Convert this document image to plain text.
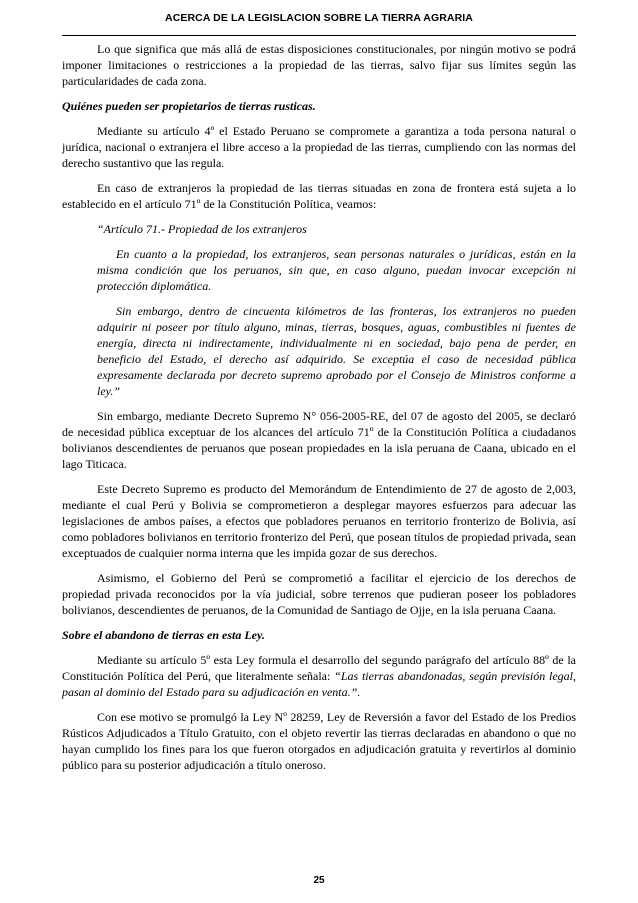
ACERCA DE LA LEGISLACION SOBRE LA TIERRA AGRARIA

Lo que significa que más allá de estas disposiciones constitucionales, por ningún motivo se podrá imponer limitaciones o restricciones a la propiedad de las tierras, salvo fijar sus límites según las particularidades de cada zona.

Quiénes pueden ser propietarios de tierras rusticas.

Mediante su artículo 4º el Estado Peruano se compromete a garantiza a toda persona natural o jurídica, nacional o extranjera el libre acceso a la propiedad de las tierras, cumpliendo con las normas del derecho sustantivo que las regula.

En caso de extranjeros la propiedad de las tierras situadas en zona de frontera está sujeta a lo establecido en el artículo 71º de la Constitución Política, veamos:

“Artículo 71.- Propiedad de los extranjeros

En cuanto a la propiedad, los extranjeros, sean personas naturales o jurídicas, están en la misma condición que los peruanos, sin que, en caso alguno, puedan invocar excepción ni protección diplomática.

Sin embargo, dentro de cincuenta kilómetros de las fronteras, los extranjeros no pueden adquirir ni poseer por título alguno, minas, tierras, bosques, aguas, combustibles ni fuentes de energía, directa ni indirectamente, individualmente ni en sociedad, bajo pena de perder, en beneficio del Estado, el derecho así adquirido. Se exceptúa el caso de necesidad pública expresamente declarada por decreto supremo aprobado por el Consejo de Ministros conforme a ley.”

Sin embargo, mediante Decreto Supremo N° 056-2005-RE, del 07 de agosto del 2005, se declaró de necesidad pública exceptuar de los alcances del artículo 71º de la Constitución Política a ciudadanos bolivianos descendientes de peruanos que posean propiedades en la isla peruana de Caana, ubicado en el lago Titicaca.

Este Decreto Supremo es producto del Memorándum de Entendimiento de 27 de agosto de 2,003, mediante el cual Perú y Bolivia se comprometieron a desplegar mayores esfuerzos para adecuar las legislaciones de ambos países, a efectos que pobladores peruanos en territorio fronterizo de Bolivia, así como pobladores bolivianos en territorio fronterizo del Perú, que posean títulos de propiedad privada, sean exceptuados de cualquier norma interna que les impida gozar de sus derechos.

Asimismo, el Gobierno del Perú se comprometió a facilitar el ejercicio de los derechos de propiedad privada reconocidos por la vía judicial, sobre terrenos que pudieran poseer los pobladores bolivianos, descendientes de peruanos, de la Comunidad de Santiago de Ojje, en la isla peruana Caana.

Sobre el abandono de tierras en esta Ley.

Mediante su artículo 5º esta Ley formula el desarrollo del segundo parágrafo del artículo 88º de la Constitución Política del Perú, que literalmente señala: “Las tierras abandonadas, según previsión legal, pasan al dominio del Estado para su adjudicación en venta.”.

Con ese motivo se promulgó la Ley Nº 28259, Ley de Reversión a favor del Estado de los Predios Rústicos Adjudicados a Título Gratuito, con el objeto revertir las tierras declaradas en abandono o que no hayan cumplido los fines para los que fueron otorgados en adjudicación gratuita y revertirlos al dominio público para su posterior adjudicación a título oneroso.

25
